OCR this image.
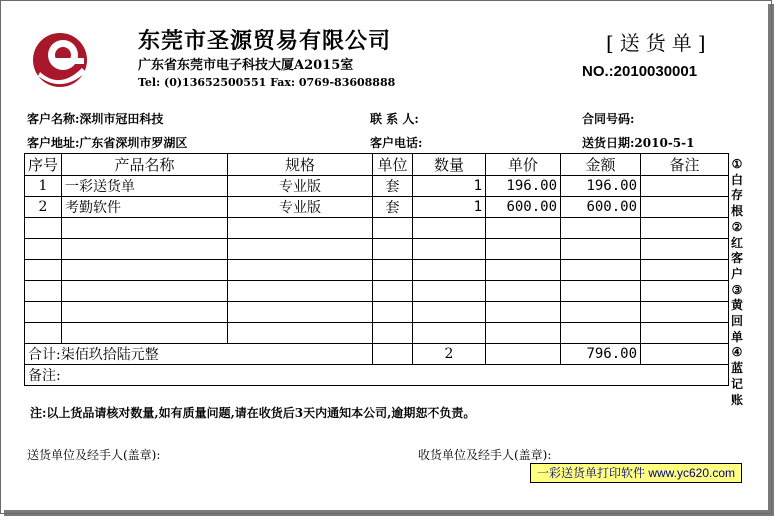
东莞市圣源贸易有限公司
广东省东莞市电子科技大厦A2015室
Tel: (0)13652500551 Fax: 0769-83608888
[送货单]
NO.:2010030001
客户名称:深圳市冠田科技	联 系 人:	合同号码:
客户地址:广东省深圳市罗湖区	客户电话:	送货日期:2010-5-1
序号	产品名称	规格	单位	数量	单价	金额	备注
1	一彩送货单	专业版	套	1	196.00	196.00	
2	考勤软件	专业版	套	1	600.00	600.00	

合计:柒佰玖拾陆元整				2		796.00	
备注:							
①
白
存
根
②
红
客
户
③
黄
回
单
④
蓝
记
账
注:以上货品请核对数量,如有质量问题,请在收货后3天内通知本公司,逾期恕不负责。
送货单位及经手人(盖章):	收货单位及经手人(盖章):
一彩送货单打印软件 www.yc620.com
